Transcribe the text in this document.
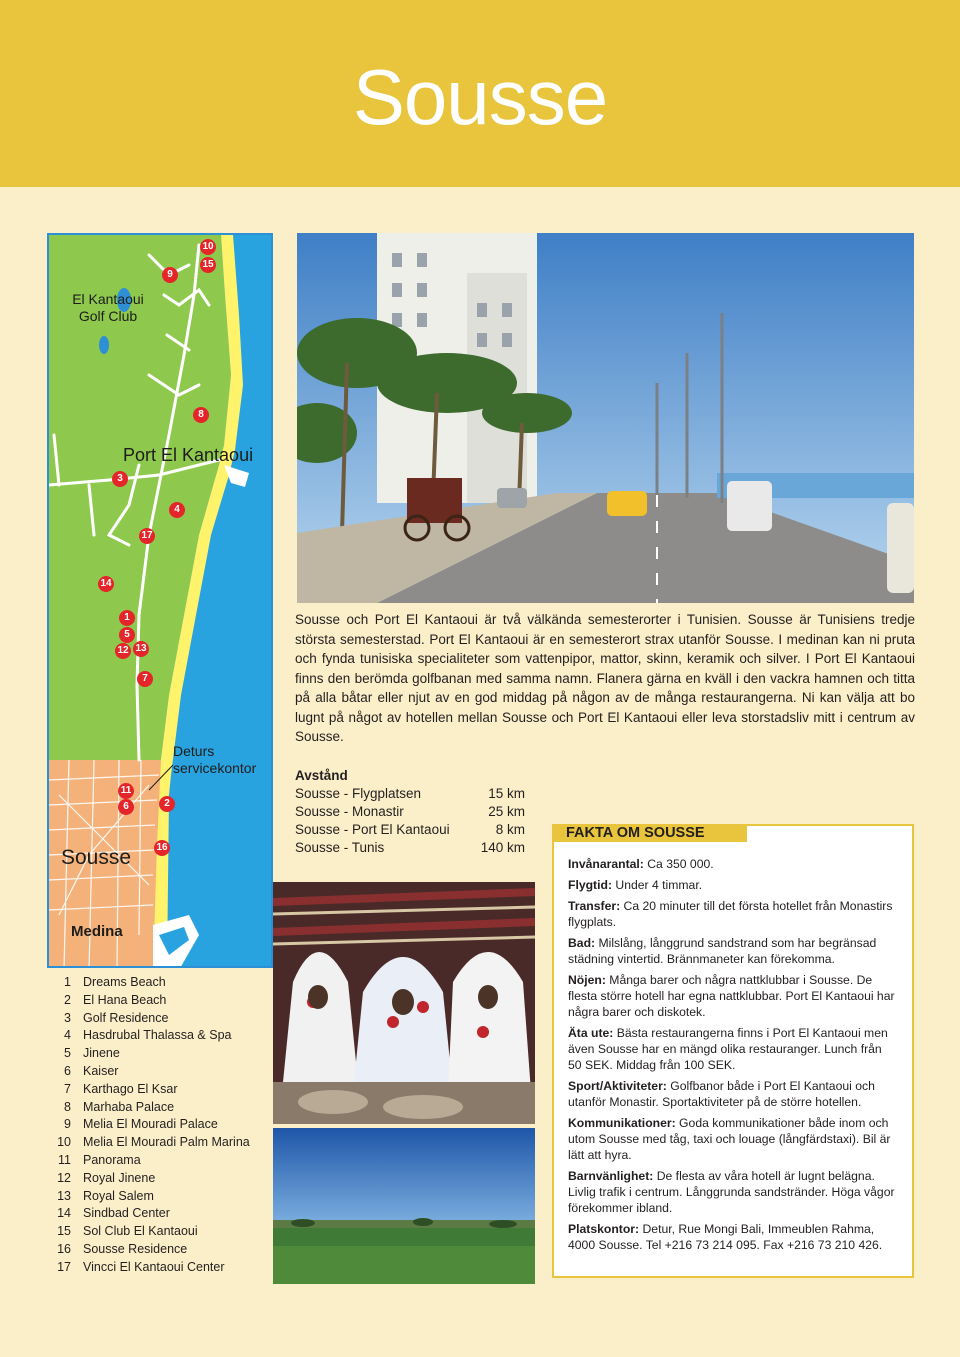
Sousse
El Kantaoui Golf Club
Port El Kantaoui
Deturs servicekontor
Sousse
Medina
10
15
9
8
3
4
17
14
1
5
12 13
7
11
6	2
16
1 Dreams Beach
2 El Hana Beach
3 Golf Residence
4 Hasdrubal Thalassa & Spa
5 Jinene
6 Kaiser
7 Karthago El Ksar
8 Marhaba Palace
9 Melia El Mouradi Palace
10 Melia El Mouradi Palm Marina
11 Panorama
12 Royal Jinene
13 Royal Salem
14 Sindbad Center
15 Sol Club El Kantaoui
16 Sousse Residence
17 Vincci El Kantaoui Center
Sousse och Port El Kantaoui är två välkända semesterorter i Tunisien. Sousse är Tunisiens tredje största semesterstad. Port El Kantaoui är en semesterort strax utanför Sousse. I medinan kan ni pruta och fynda tunisiska specialiteter som vattenpipor, mattor, skinn, keramik och silver. I Port El Kantaoui finns den berömda golfbanan med samma namn. Flanera gärna en kväll i den vackra hamnen och titta på alla båtar eller njut av en god middag på någon av de många restaurangerna. Ni kan välja att bo lugnt på något av hotellen mellan Sousse och Port El Kantaoui eller leva storstadsliv mitt i centrum av Sousse.
Avstånd
Sousse - Flygplatsen	15 km
Sousse - Monastir	25 km
Sousse - Port El Kantaoui	8 km
Sousse - Tunis	140 km
FAKTA OM SOUSSE

Invånarantal: Ca 350 000.

Flygtid: Under 4 timmar.

Transfer: Ca 20 minuter till det första hotellet från Monastirs flygplats.

Bad: Milslång, långgrund sandstrand som har begränsad städning vintertid. Brännmaneter kan förekomma.

Nöjen: Många barer och några nattklubbar i Sousse. De flesta större hotell har egna nattklubbar. Port El Kantaoui har några barer och diskotek.

Äta ute: Bästa restaurangerna finns i Port El Kantaoui men även Sousse har en mängd olika restauranger. Lunch från 50 SEK. Middag från 100 SEK.

Sport/Aktiviteter: Golfbanor både i Port El Kantaoui och utanför Monastir. Sportaktiviteter på de större hotellen.

Kommunikationer: Goda kommunikationer både inom och utom Sousse med tåg, taxi och louage (långfärdstaxi). Bil är lätt att hyra.

Barnvänlighet: De flesta av våra hotell är lugnt belägna. Livlig trafik i centrum. Långgrunda sandstränder. Höga vågor förekommer ibland.

Platskontor: Detur, Rue Mongi Bali, Immeublen Rahma, 4000 Sousse. Tel +216 73 214 095. Fax +216 73 210 426.
